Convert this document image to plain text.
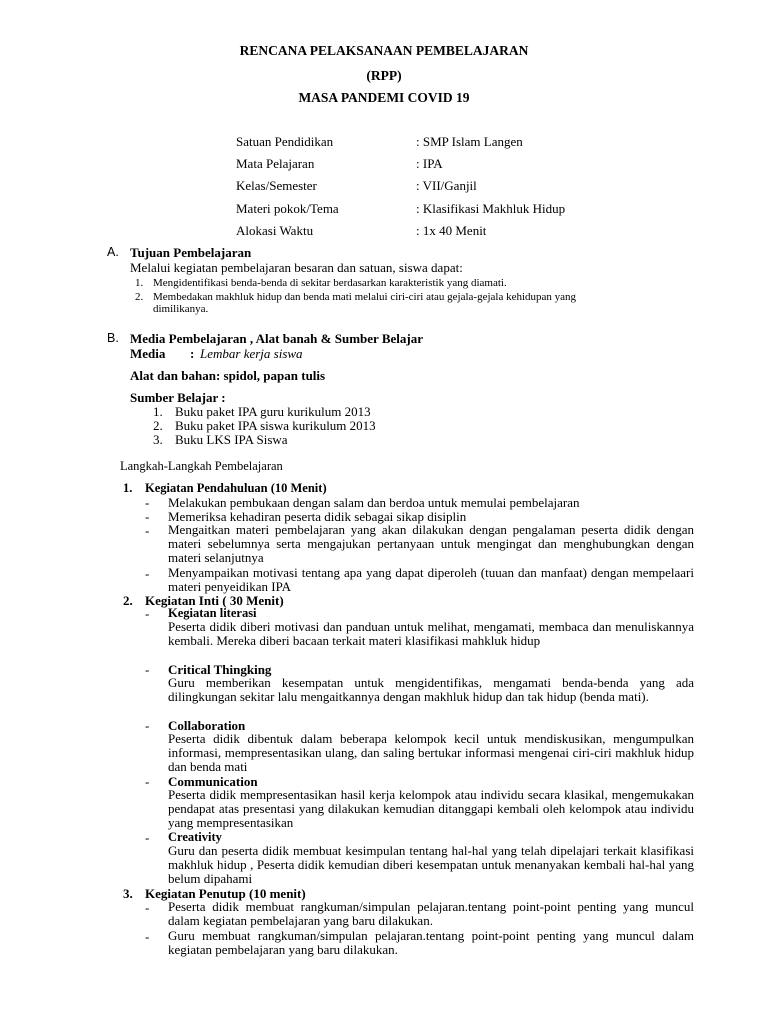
RENCANA PELAKSANAAN PEMBELAJARAN
(RPP)
MASA PANDEMI COVID 19
Satuan Pendidikan	: SMP Islam Langen
Mata Pelajaran	: IPA
Kelas/Semester	: VII/Ganjil
Materi pokok/Tema	: Klasifikasi Makhluk Hidup
Alokasi Waktu	: 1x 40 Menit
A. Tujuan Pembelajaran
Melalui kegiatan pembelajaran besaran dan satuan, siswa dapat:
1. Mengidentifikasi benda-benda di sekitar berdasarkan karakteristik yang diamati.
2. Membedakan makhluk hidup dan benda mati melalui ciri-ciri atau gejala-gejala kehidupan yang
dimilikanya.
B. Media Pembelajaran , Alat banah & Sumber Belajar
Media : Lembar kerja siswa
Alat dan bahan: spidol, papan tulis
Sumber Belajar :
1. Buku paket IPA guru kurikulum 2013
2. Buku paket IPA siswa kurikulum 2013
3. Buku LKS IPA Siswa
Langkah-Langkah Pembelajaran
1. Kegiatan Pendahuluan (10 Menit)
- Melakukan pembukaan dengan salam dan berdoa untuk memulai pembelajaran
- Memeriksa kehadiran peserta didik sebagai sikap disiplin
- Mengaitkan materi pembelajaran yang akan dilakukan dengan pengalaman peserta didik dengan materi sebelumnya serta mengajukan pertanyaan untuk mengingat dan menghubungkan dengan materi selanjutnya
- Menyampaikan motivasi tentang apa yang dapat diperoleh (tuuan dan manfaat) dengan mempelaari materi penyeidikan IPA
2. Kegiatan Inti ( 30 Menit)
- Kegiatan literasi
Peserta didik diberi motivasi dan panduan untuk melihat, mengamati, membaca dan menuliskannya kembali. Mereka diberi bacaan terkait materi klasifikasi mahkluk hidup
- Critical Thingking
Guru memberikan kesempatan untuk mengidentifikas, mengamati benda-benda yang ada dilingkungan sekitar lalu mengaitkannya dengan makhluk hidup dan tak hidup (benda mati).
- Collaboration
Peserta didik dibentuk dalam beberapa kelompok kecil untuk mendiskusikan, mengumpulkan informasi, mempresentasikan ulang, dan saling bertukar informasi mengenai ciri-ciri makhluk hidup dan benda mati
- Communication
Peserta didik mempresentasikan hasil kerja kelompok atau individu secara klasikal, mengemukakan pendapat atas presentasi yang dilakukan kemudian ditanggapi kembali oleh kelompok atau individu yang mempresentasikan
- Creativity
Guru dan peserta didik membuat kesimpulan tentang hal-hal yang telah dipelajari terkait klasifikasi makhluk hidup , Peserta didik kemudian diberi kesempatan untuk menanyakan kembali hal-hal yang belum dipahami
3. Kegiatan Penutup (10 menit)
- Peserta didik membuat rangkuman/simpulan pelajaran.tentang point-point penting yang muncul dalam kegiatan pembelajaran yang baru dilakukan.
- Guru membuat rangkuman/simpulan pelajaran.tentang point-point penting yang muncul dalam kegiatan pembelajaran yang baru dilakukan.
